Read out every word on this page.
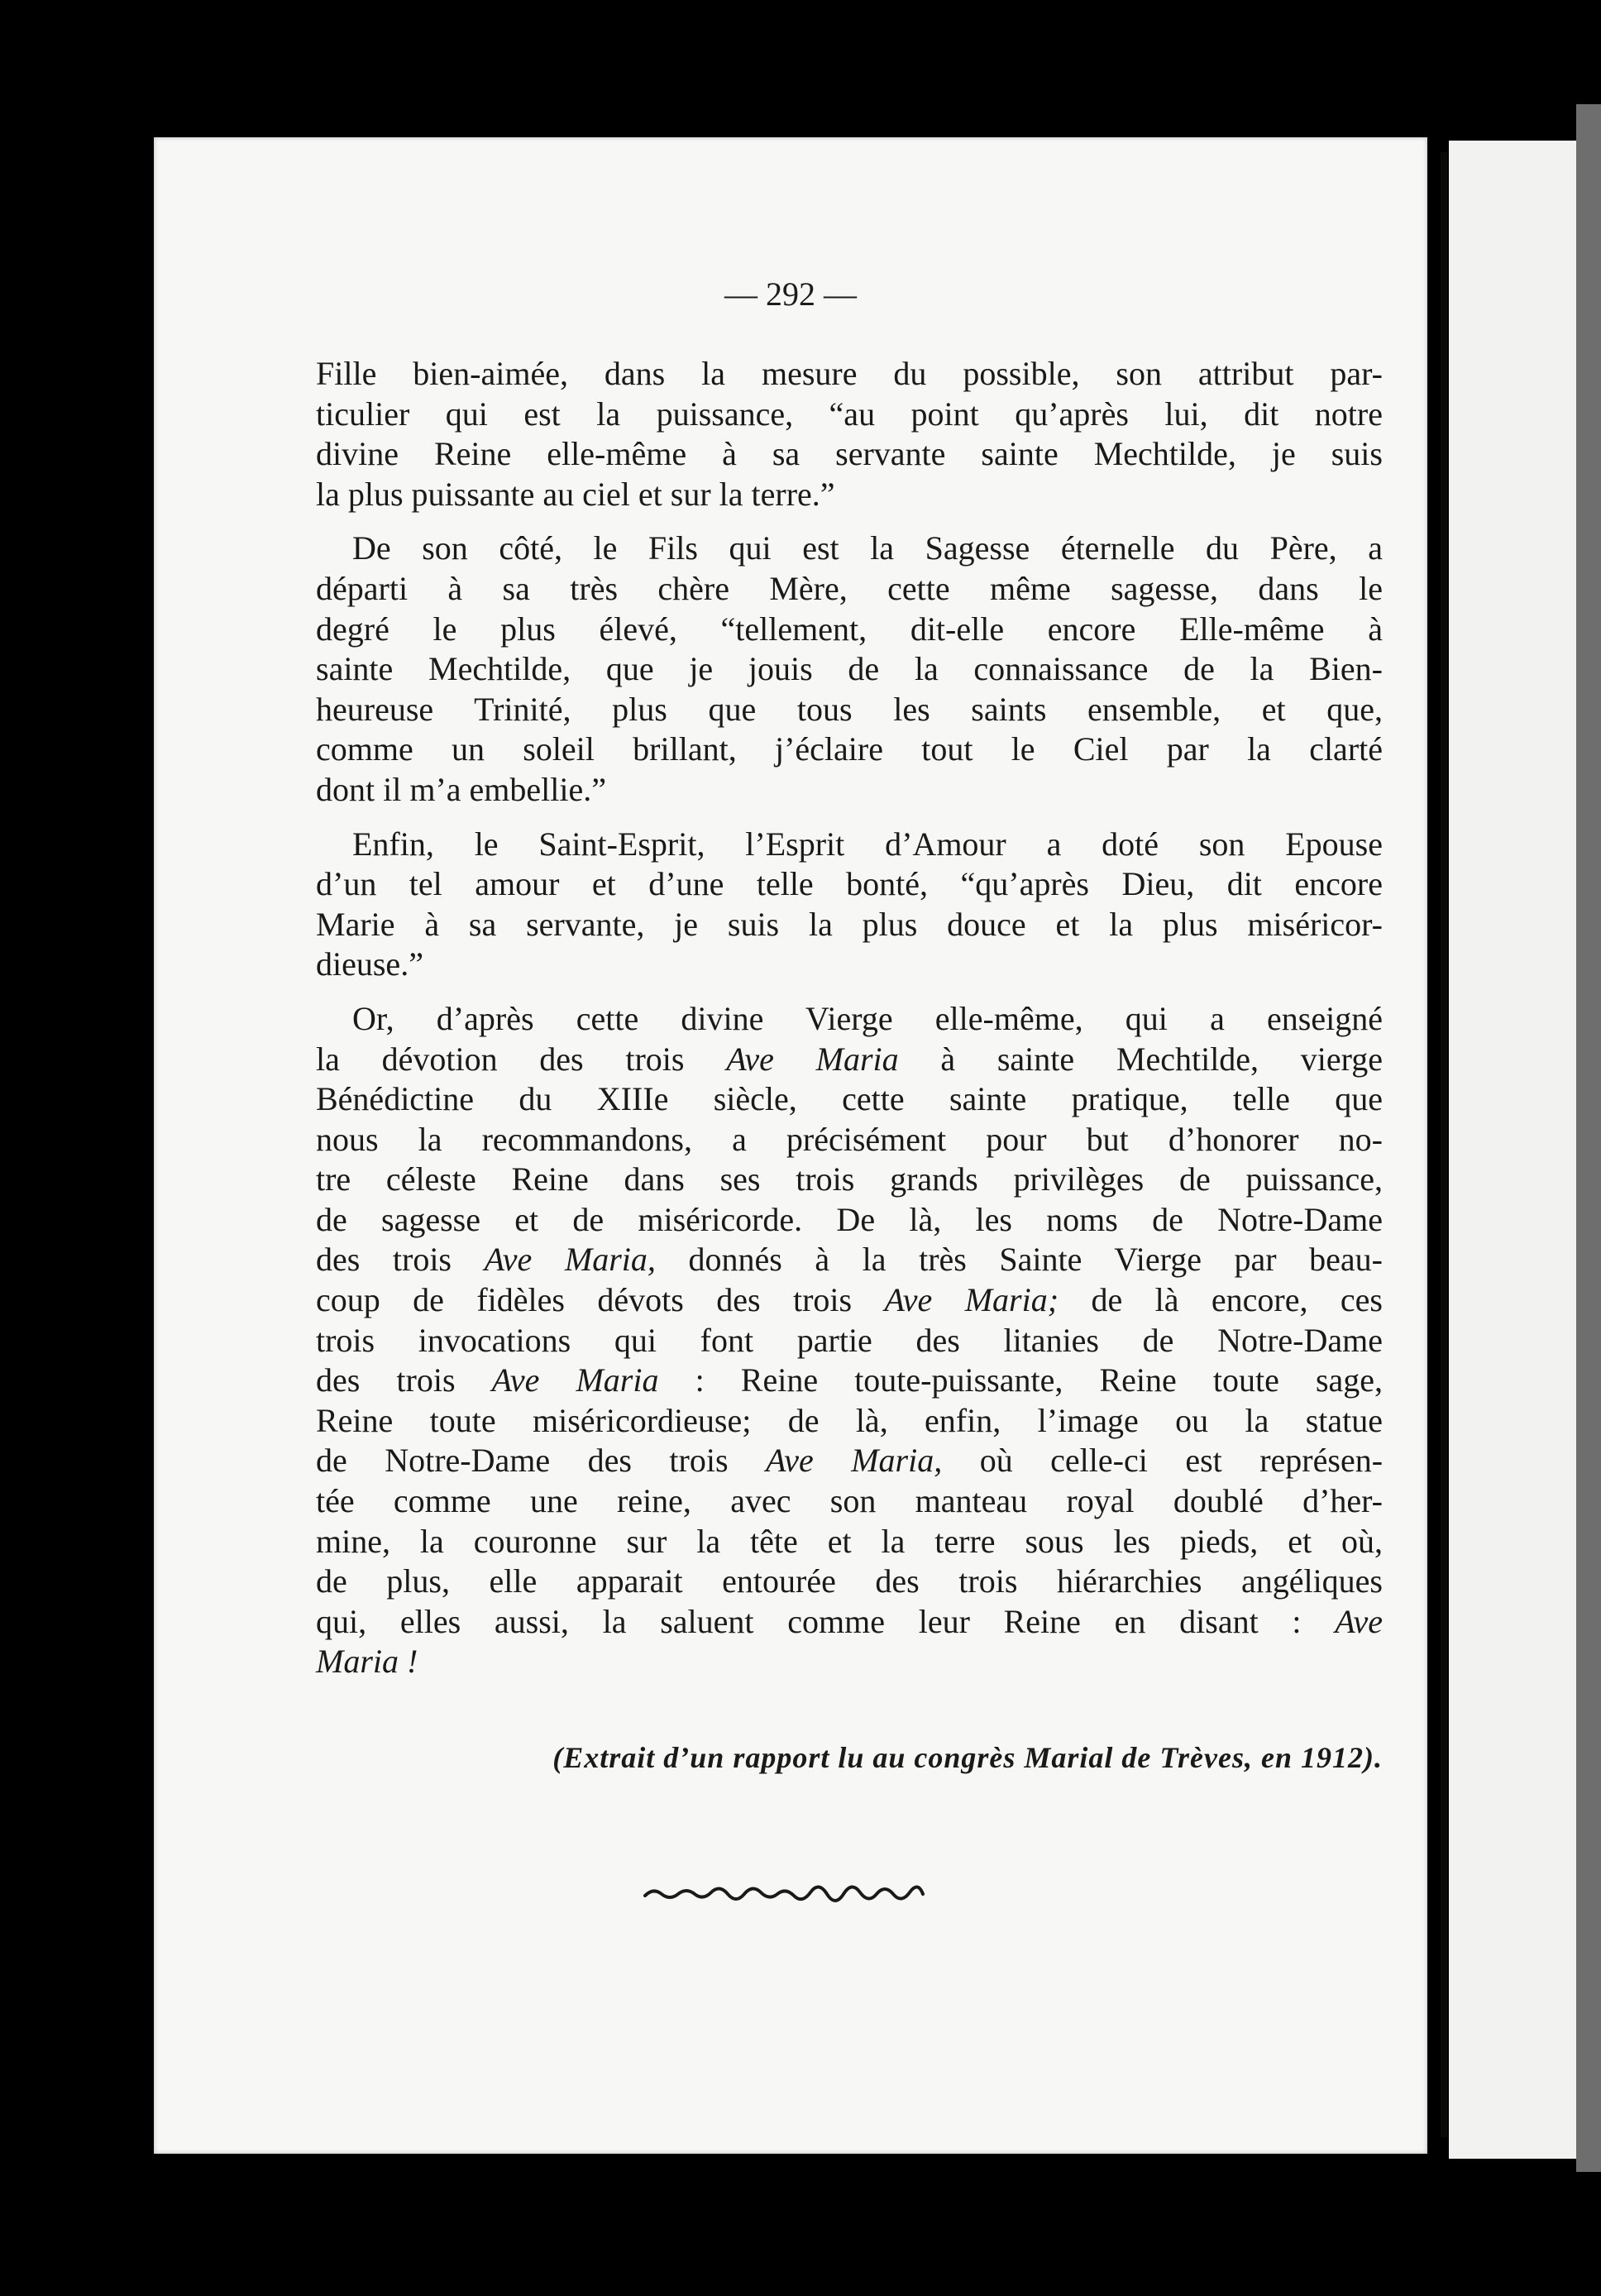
— 292 —
Fille bien-aimée, dans la mesure du possible, son attribut par-
ticulier qui est la puissance, “au point qu’après lui, dit notre
divine Reine elle-même à sa servante sainte Mechtilde, je suis
la plus puissante au ciel et sur la terre.”
De son côté, le Fils qui est la Sagesse éternelle du Père, a
départi à sa très chère Mère, cette même sagesse, dans le
degré le plus élevé, “tellement, dit-elle encore Elle-même à
sainte Mechtilde, que je jouis de la connaissance de la Bien-
heureuse Trinité, plus que tous les saints ensemble, et que,
comme un soleil brillant, j’éclaire tout le Ciel par la clarté
dont il m’a embellie.”
Enfin, le Saint-Esprit, l’Esprit d’Amour a doté son Epouse
d’un tel amour et d’une telle bonté, “qu’après Dieu, dit encore
Marie à sa servante, je suis la plus douce et la plus miséricor-
dieuse.”
Or, d’après cette divine Vierge elle-même, qui a enseigné
la dévotion des trois Ave Maria à sainte Mechtilde, vierge
Bénédictine du XIIIe siècle, cette sainte pratique, telle que
nous la recommandons, a précisément pour but d’honorer no-
tre céleste Reine dans ses trois grands privilèges de puissance,
de sagesse et de miséricorde. De là, les noms de Notre-Dame
des trois Ave Maria, donnés à la très Sainte Vierge par beau-
coup de fidèles dévots des trois Ave Maria; de là encore, ces
trois invocations qui font partie des litanies de Notre-Dame
des trois Ave Maria : Reine toute-puissante, Reine toute sage,
Reine toute miséricordieuse; de là, enfin, l’image ou la statue
de Notre-Dame des trois Ave Maria, où celle-ci est représen-
tée comme une reine, avec son manteau royal doublé d’her-
mine, la couronne sur la tête et la terre sous les pieds, et où,
de plus, elle apparait entourée des trois hiérarchies angéliques
qui, elles aussi, la saluent comme leur Reine en disant : Ave
Maria !
(Extrait d’un rapport lu au congrès Marial de Trèves, en 1912).
